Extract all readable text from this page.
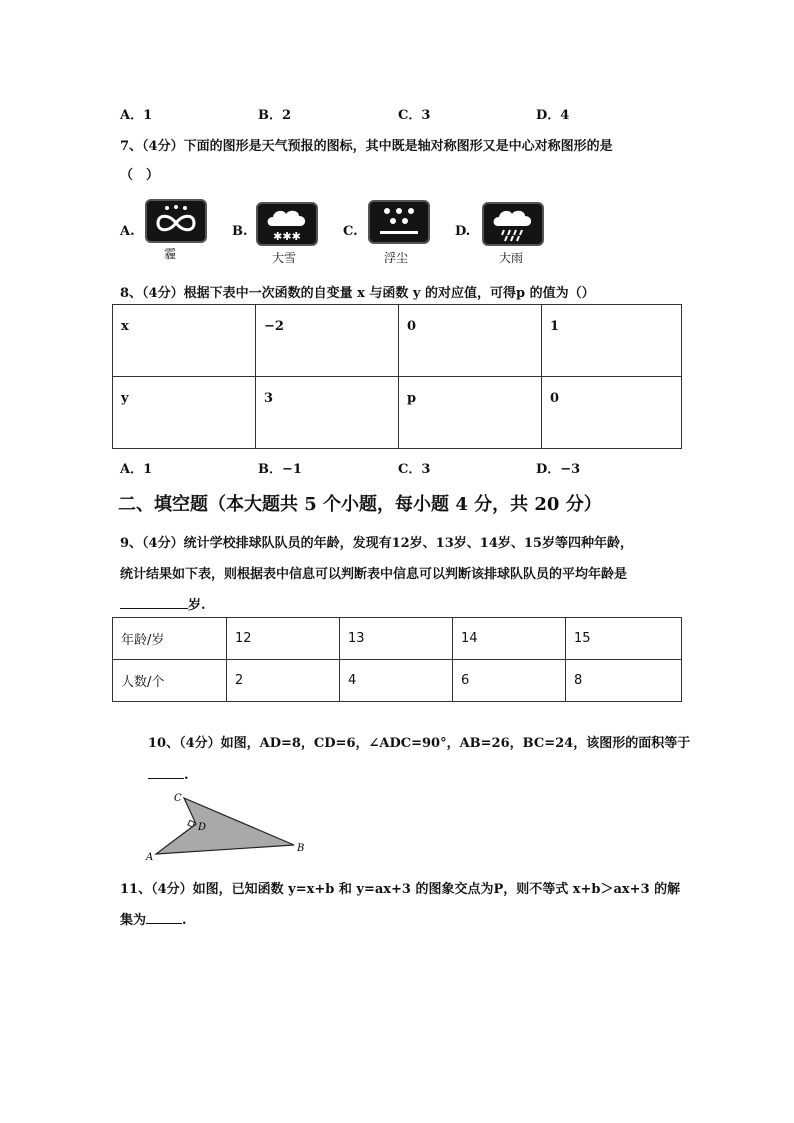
A．1	B．2	C．3	D．4
7、（4分）下面的图形是天气预报的图标，其中既是轴对称图形又是中心对称图形的是
（　）
A.
霾
B. ✱✱✱
大雪
C.
浮尘
D.
大雨
8、（4分）根据下表中一次函数的自变量 x 与函数 y 的对应值，可得p 的值为（）
x	−2	0	1
y	3	p	0
A．1	B．−1	C．3	D．−3
二、填空题（本大题共 5 个小题，每小题 4 分，共 20 分）
9、（4分）统计学校排球队队员的年龄，发现有12岁、13岁、14岁、15岁等四种年龄，
统计结果如下表，则根据表中信息可以判断表中信息可以判断该排球队队员的平均年龄是
岁.
年龄/岁	12	13	14	15
人数/个	2	4	6	8
10、（4分）如图，AD=8，CD=6，∠ADC=90°，AB=26，BC=24，该图形的面积等于
.
C
D
A
B
11、（4分）如图，已知函数 y=x+b 和 y=ax+3 的图象交点为P，则不等式 x+b＞ax+3 的解
集为	.
